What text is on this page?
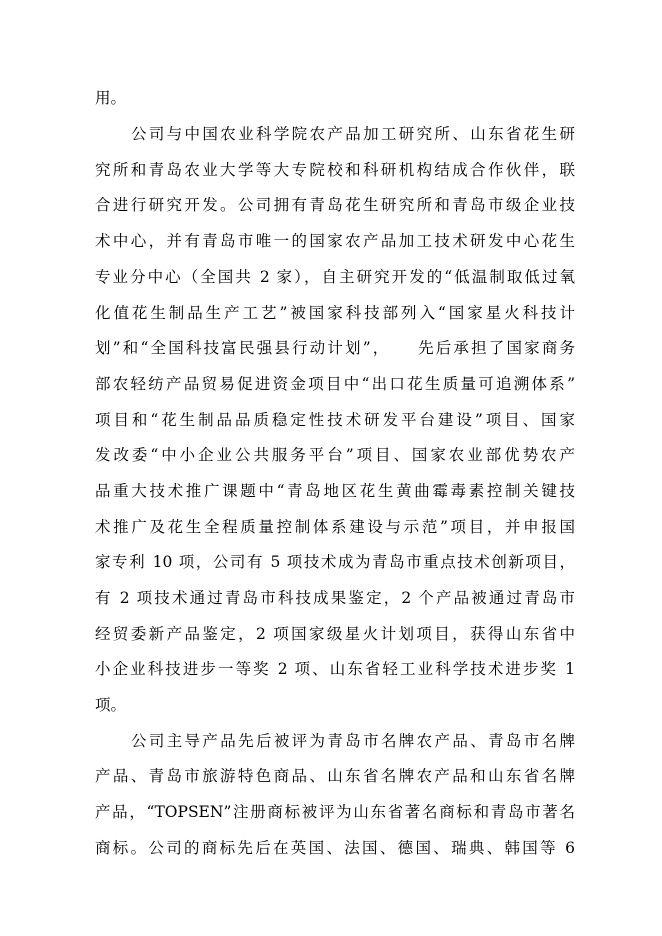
用。
公司与中国农业科学院农产品加工研究所、山东省花生研
究所和青岛农业大学等大专院校和科研机构结成合作伙伴，联
合进行研究开发。公司拥有青岛花生研究所和青岛市级企业技
术中心，并有青岛市唯一的国家农产品加工技术研发中心花生
专业分中心（全国共 2 家），自主研究开发的“低温制取低过氧
化值花生制品生产工艺”被国家科技部列入“国家星火科技计
划”和“全国科技富民强县行动计划”，　　先后承担了国家商务
部农轻纺产品贸易促进资金项目中“出口花生质量可追溯体系”
项目和“花生制品品质稳定性技术研发平台建设”项目、国家
发改委“中小企业公共服务平台”项目、国家农业部优势农产
品重大技术推广课题中“青岛地区花生黄曲霉毒素控制关键技
术推广及花生全程质量控制体系建设与示范”项目，并申报国
家专利 10 项，公司有 5 项技术成为青岛市重点技术创新项目，
有 2 项技术通过青岛市科技成果鉴定，2 个产品被通过青岛市
经贸委新产品鉴定，2 项国家级星火计划项目，获得山东省中
小企业科技进步一等奖 2 项、山东省轻工业科学技术进步奖 1
项。
公司主导产品先后被评为青岛市名牌农产品、青岛市名牌
产品、青岛市旅游特色商品、山东省名牌农产品和山东省名牌
产品，“TOPSEN”注册商标被评为山东省著名商标和青岛市著名
商标。公司的商标先后在英国、法国、德国、瑞典、韩国等 6
